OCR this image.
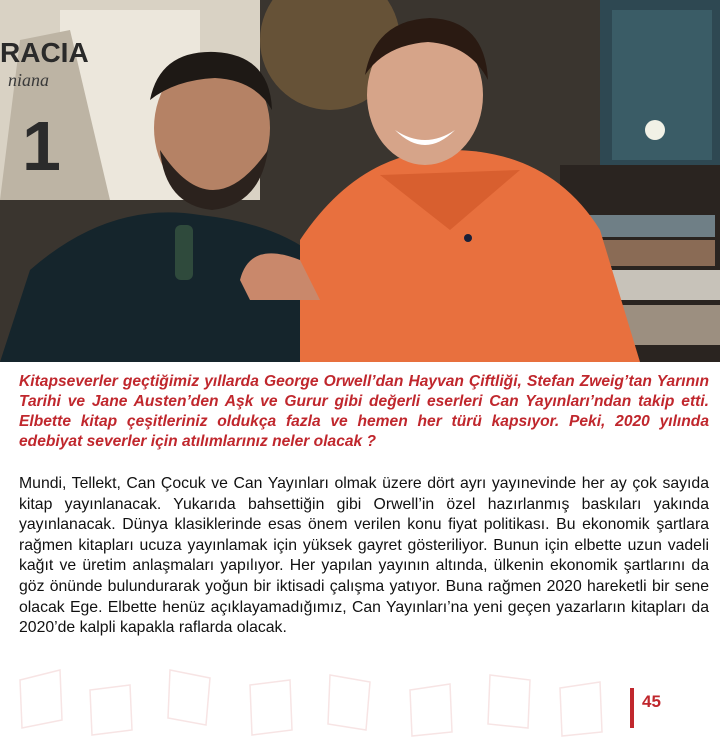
RACIA
niana
1

Kitapseverler geçtiğimiz yıllarda George Orwell’dan Hayvan Çiftliği, Stefan Zweig’tan Yarının Tarihi ve Jane Austen’den Aşk ve Gurur gibi değerli eserleri Can Yayınları’ndan takip etti. Elbette kitap çeşitleriniz oldukça fazla ve hemen her türü kapsıyor. Peki, 2020 yılında edebiyat severler için atılımlarınız neler olacak ?

Mundi, Tellekt, Can Çocuk ve Can Yayınları olmak üzere dört ayrı yayınevinde her ay çok sayıda kitap yayınlanacak. Yukarıda bahsettiğin gibi Orwell’in özel hazırlanmış baskıları yakında yayınlanacak. Dünya klasiklerinde esas önem verilen konu fiyat politikası. Bu ekonomik şartlara rağmen kitapları ucuza yayınlamak için yüksek gayret gösteriliyor. Bunun için elbette uzun vadeli kağıt ve üretim anlaşmaları yapılıyor. Her yapılan yayının altında, ülkenin ekonomik şartlarını da göz önünde bulundurarak yoğun bir iktisadi çalışma yatıyor. Buna rağmen 2020 hareketli bir sene olacak Ege. Elbette henüz açıklayamadığımız, Can Yayınları’na yeni geçen yazarların kitapları da 2020’de kalpli kapakla raflarda olacak.

45
